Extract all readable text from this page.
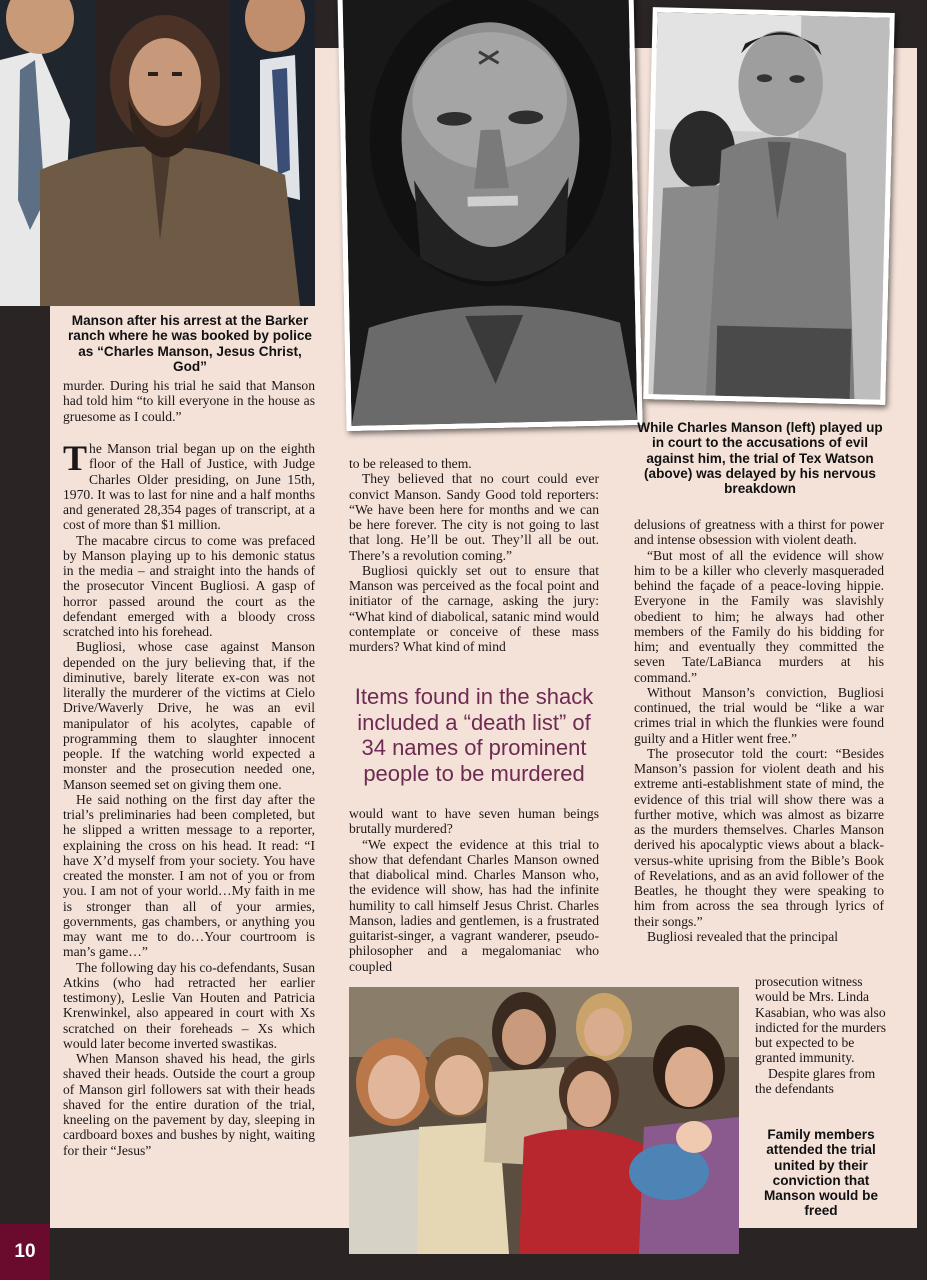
10
Manson after his arrest at the Barker ranch where he was booked by police as “Charles Manson, Jesus Christ, God”
While Charles Manson (left) played up in court to the accusations of evil against him, the trial of Tex Watson (above) was delayed by his nervous breakdown
Family members attended the trial united by their conviction that Manson would be freed

murder. During his trial he said that Manson had told him “to kill everyone in the house as gruesome as I could.”

The Manson trial began up on the eighth floor of the Hall of Justice, with Judge Charles Older presiding, on June 15th, 1970. It was to last for nine and a half months and generated 28,354 pages of transcript, at a cost of more than $1 million.

The macabre circus to come was prefaced by Manson playing up to his demonic status in the media – and straight into the hands of the prosecutor Vincent Bugliosi. A gasp of horror passed around the court as the defendant emerged with a bloody cross scratched into his forehead.

Bugliosi, whose case against Manson depended on the jury believing that, if the diminutive, barely literate ex-con was not literally the murderer of the victims at Cielo Drive/Waverly Drive, he was an evil manipulator of his acolytes, capable of programming them to slaughter innocent people. If the watching world expected a monster and the prosecution needed one, Manson seemed set on giving them one.

He said nothing on the first day after the trial’s preliminaries had been completed, but he slipped a written message to a reporter, explaining the cross on his head. It read: “I have X’d myself from your society. You have created the monster. I am not of you or from you. I am not of your world…My faith in me is stronger than all of your armies, governments, gas chambers, or anything you may want me to do…Your courtroom is man’s game…”

The following day his co-defendants, Susan Atkins (who had retracted her earlier testimony), Leslie Van Houten and Patricia Krenwinkel, also appeared in court with Xs scratched on their foreheads – Xs which would later become inverted swastikas.

When Manson shaved his head, the girls shaved their heads. Outside the court a group of Manson girl followers sat with their heads shaved for the entire duration of the trial, kneeling on the pavement by day, sleeping in cardboard boxes and bushes by night, waiting for their “Jesus”

to be released to them.

They believed that no court could ever convict Manson. Sandy Good told reporters: “We have been here for months and we can be here forever. The city is not going to last that long. He’ll be out. They’ll all be out. There’s a revolution coming.”

Bugliosi quickly set out to ensure that Manson was perceived as the focal point and initiator of the carnage, asking the jury: “What kind of diabolical, satanic mind would contemplate or conceive of these mass murders? What kind of mind

Items found in the shack included a “death list” of 34 names of prominent people to be murdered

would want to have seven human beings brutally murdered?

“We expect the evidence at this trial to show that defendant Charles Manson owned that diabolical mind. Charles Manson who, the evidence will show, has had the infinite humility to call himself Jesus Christ. Charles Manson, ladies and gentlemen, is a frustrated guitarist-singer, a vagrant wanderer, pseudo-philosopher and a megalomaniac who coupled

delusions of greatness with a thirst for power and intense obsession with violent death.

“But most of all the evidence will show him to be a killer who cleverly masqueraded behind the façade of a peace-loving hippie. Everyone in the Family was slavishly obedient to him; he always had other members of the Family do his bidding for him; and eventually they committed the seven Tate/LaBianca murders at his command.”

Without Manson’s conviction, Bugliosi continued, the trial would be “like a war crimes trial in which the flunkies were found guilty and a Hitler went free.”

The prosecutor told the court: “Besides Manson’s passion for violent death and his extreme anti-establishment state of mind, the evidence of this trial will show there was a further motive, which was almost as bizarre as the murders themselves. Charles Manson derived his apocalyptic views about a black-versus-white uprising from the Bible’s Book of Revelations, and as an avid follower of the Beatles, he thought they were speaking to him from across the sea through lyrics of their songs.”

Bugliosi revealed that the principal

prosecution witness would be Mrs. Linda Kasabian, who was also indicted for the murders but expected to be granted immunity.

Despite glares from the defendants
